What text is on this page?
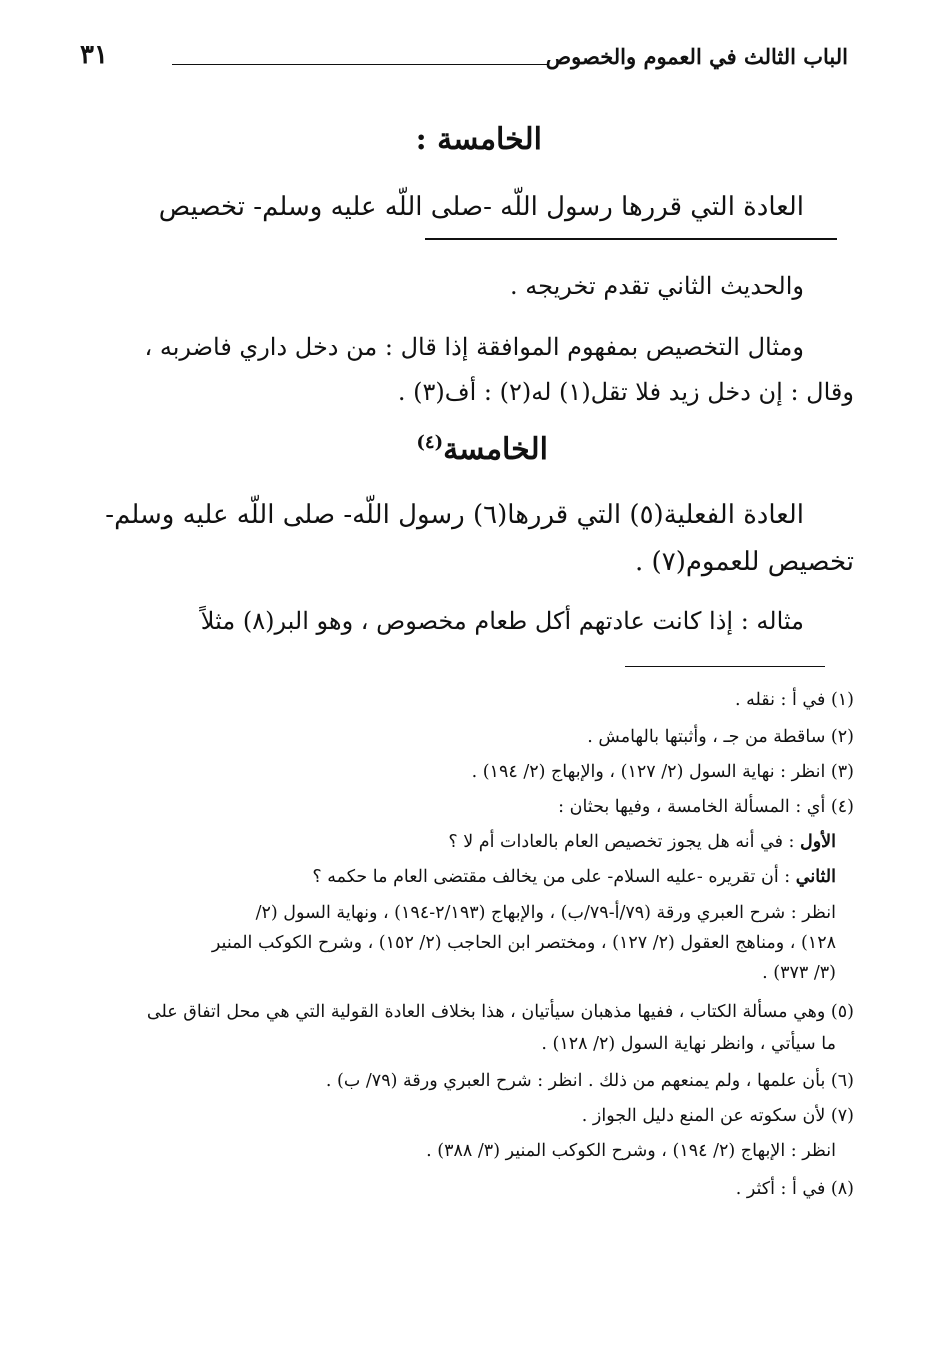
الباب الثالث في العموم والخصوص
٣١
الخامسة :
العادة التي قررها رسول اللّه -صلى اللّه عليه وسلم- تخصيص
والحديث الثاني تقدم تخريجه .
ومثال التخصيص بمفهوم الموافقة إذا قال : من دخل داري فاضربه ،
وقال : إن دخل زيد فلا تقل(١) له(٢) : أف(٣) .
الخامسة$^{(٤)}$
العادة الفعلية(٥) التي قررها(٦) رسول اللّه- صلى اللّه عليه وسلم-
تخصيص للعموم(٧) .
مثاله : إذا كانت عادتهم أكل طعام مخصوص ، وهو البر(٨) مثلاً
(١) في أ : نقله .
(٢) ساقطة من جـ ، وأثبتها بالهامش .
(٣) انظر : نهاية السول (٢/ ١٢٧) ، والإبهاج (٢/ ١٩٤) .
(٤) أي : المسألة الخامسة ، وفيها بحثان :
الأول : في أنه هل يجوز تخصيص العام بالعادات أم لا ؟
الثاني : أن تقريره -عليه السلام- على من يخالف مقتضى العام ما حكمه ؟
انظر : شرح العبري ورقة (٧٩/أ-٧٩/ب) ، والإبهاج (٢/١٩٣-١٩٤) ، ونهاية السول (٢/
١٢٨) ، ومناهج العقول (٢/ ١٢٧) ، ومختصر ابن الحاجب (٢/ ١٥٢) ، وشرح الكوكب المنير
(٣/ ٣٧٣) .
(٥) وهي مسألة الكتاب ، ففيها مذهبان سيأتيان ، هذا بخلاف العادة القولية التي هي محل اتفاق على
ما سيأتي ، وانظر نهاية السول (٢/ ١٢٨) .
(٦) بأن علمها ، ولم يمنعهم من ذلك . انظر : شرح العبري ورقة (٧٩/ ب) .
(٧) لأن سكوته عن المنع دليل الجواز .
انظر : الإبهاج (٢/ ١٩٤) ، وشرح الكوكب المنير (٣/ ٣٨٨) .
(٨) في أ : أكثر .
